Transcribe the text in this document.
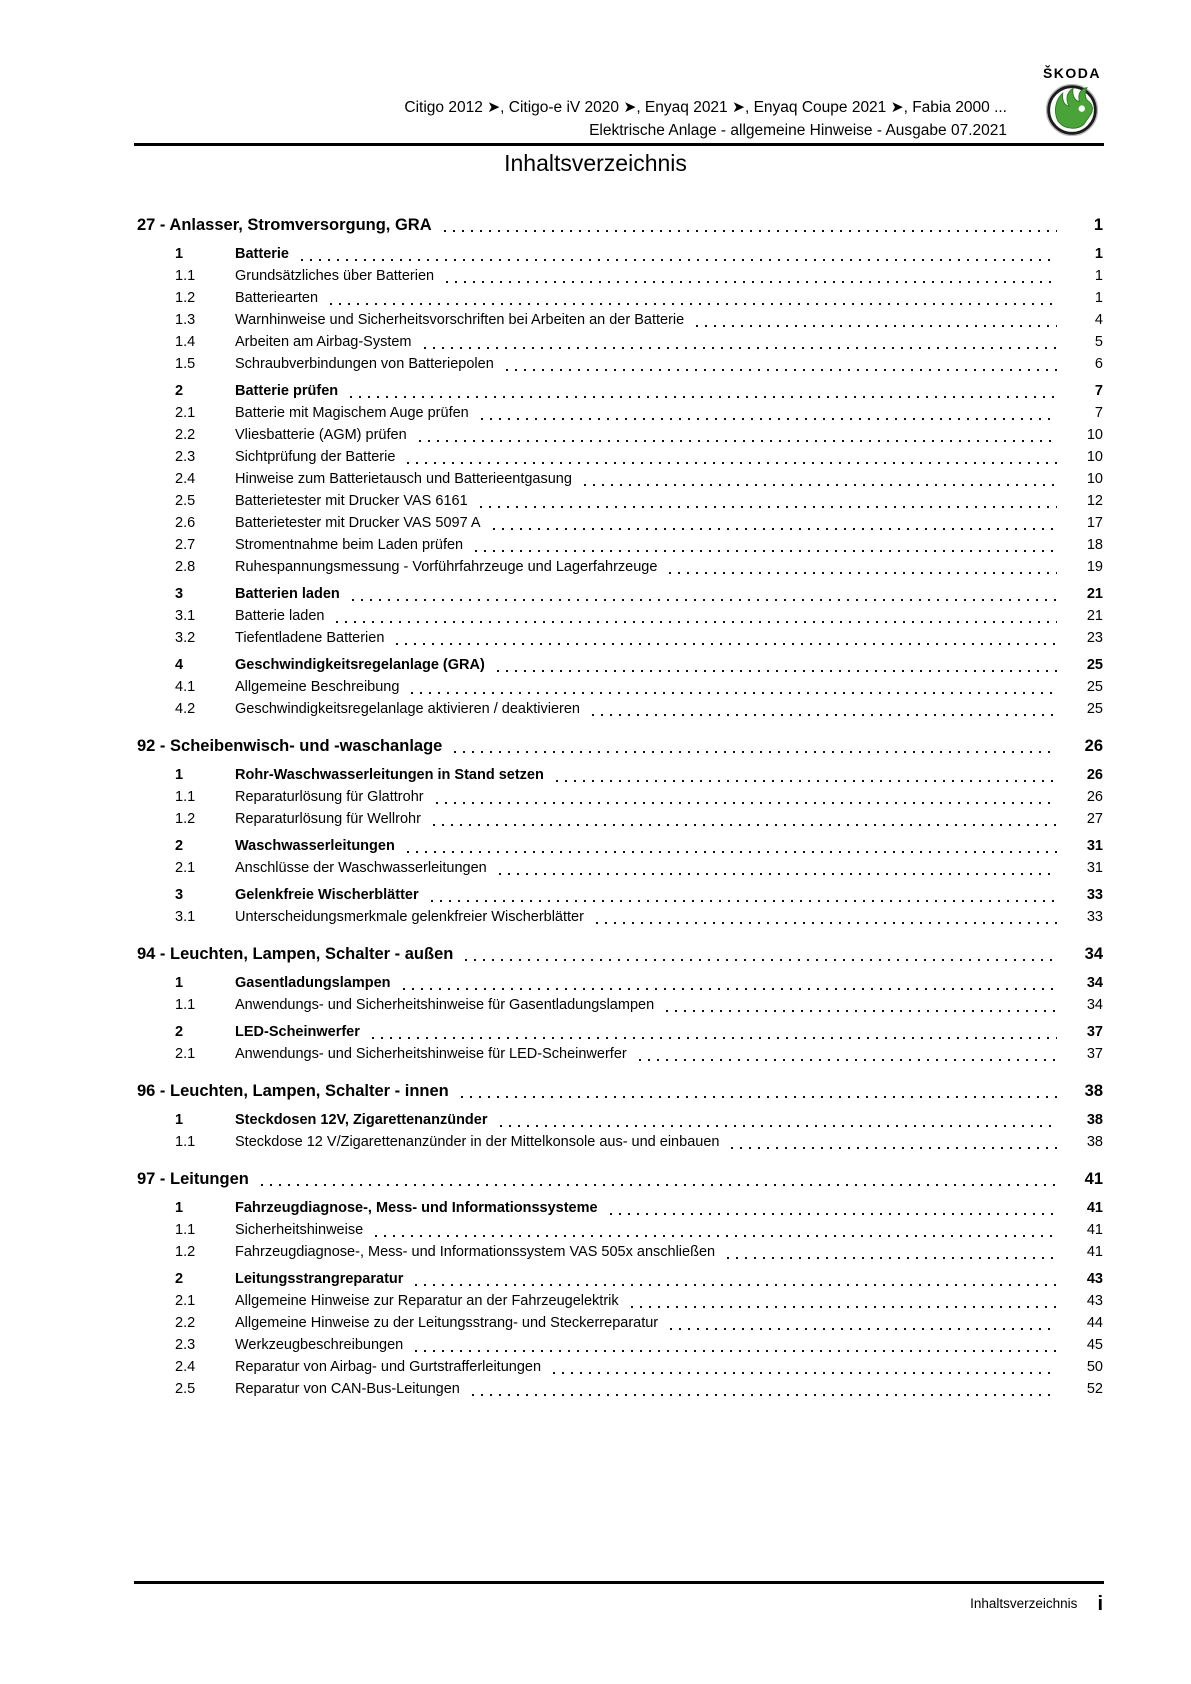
Citigo 2012 ➤, Citigo-e iV 2020 ➤, Enyaq 2021 ➤, Enyaq Coupe 2021 ➤, Fabia 2000 ...
Elektrische Anlage - allgemeine Hinweise - Ausgabe 07.2021
ŠKODA
Inhaltsverzeichnis
27 - Anlasser, Stromversorgung, GRA	1
1	Batterie	1
1.1	Grundsätzliches über Batterien	1
1.2	Batteriearten	1
1.3	Warnhinweise und Sicherheitsvorschriften bei Arbeiten an der Batterie	4
1.4	Arbeiten am Airbag-System	5
1.5	Schraubverbindungen von Batteriepolen	6
2	Batterie prüfen	7
2.1	Batterie mit Magischem Auge prüfen	7
2.2	Vliesbatterie (AGM) prüfen	10
2.3	Sichtprüfung der Batterie	10
2.4	Hinweise zum Batterietausch und Batterieentgasung	10
2.5	Batterietester mit Drucker VAS 6161	12
2.6	Batterietester mit Drucker VAS 5097 A	17
2.7	Stromentnahme beim Laden prüfen	18
2.8	Ruhespannungsmessung - Vorführfahrzeuge und Lagerfahrzeuge	19
3	Batterien laden	21
3.1	Batterie laden	21
3.2	Tiefentladene Batterien	23
4	Geschwindigkeitsregelanlage (GRA)	25
4.1	Allgemeine Beschreibung	25
4.2	Geschwindigkeitsregelanlage aktivieren / deaktivieren	25
92 - Scheibenwisch- und -waschanlage	26
1	Rohr-Waschwasserleitungen in Stand setzen	26
1.1	Reparaturlösung für Glattrohr	26
1.2	Reparaturlösung für Wellrohr	27
2	Waschwasserleitungen	31
2.1	Anschlüsse der Waschwasserleitungen	31
3	Gelenkfreie Wischerblätter	33
3.1	Unterscheidungsmerkmale gelenkfreier Wischerblätter	33
94 - Leuchten, Lampen, Schalter - außen	34
1	Gasentladungslampen	34
1.1	Anwendungs- und Sicherheitshinweise für Gasentladungslampen	34
2	LED-Scheinwerfer	37
2.1	Anwendungs- und Sicherheitshinweise für LED-Scheinwerfer	37
96 - Leuchten, Lampen, Schalter - innen	38
1	Steckdosen 12V, Zigarettenanzünder	38
1.1	Steckdose 12 V/Zigarettenanzünder in der Mittelkonsole aus- und einbauen	38
97 - Leitungen	41
1	Fahrzeugdiagnose-, Mess- und Informationssysteme	41
1.1	Sicherheitshinweise	41
1.2	Fahrzeugdiagnose-, Mess- und Informationssystem VAS 505x anschließen	41
2	Leitungsstrangreparatur	43
2.1	Allgemeine Hinweise zur Reparatur an der Fahrzeugelektrik	43
2.2	Allgemeine Hinweise zu der Leitungsstrang- und Steckerreparatur	44
2.3	Werkzeugbeschreibungen	45
2.4	Reparatur von Airbag- und Gurtstrafferleitungen	50
2.5	Reparatur von CAN-Bus-Leitungen	52
Inhaltsverzeichnis i
